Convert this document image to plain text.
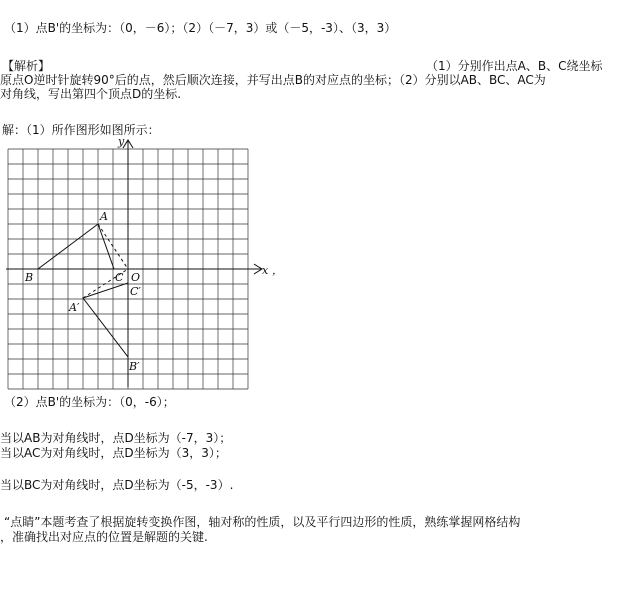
（1）点B'的坐标为：（0，－6）；（2）（－7，3）或（－5，-3）、（3，3）
【解析】	（1）分别作出点A、B、C绕坐标
原点O逆时针旋转90°后的点，然后顺次连接，并写出点B的对应点的坐标；（2）分别以AB、BC、AC为
对角线，写出第四个顶点D的坐标.
解：（1）所作图形如图所示：
y
x ，
A
B	C O
A′
C′
B′
（2）点B'的坐标为：（0，-6）；
当以AB为对角线时，点D坐标为（-7，3）；
当以AC为对角线时，点D坐标为（3，3）；
当以BC为对角线时，点D坐标为（-5，-3）.
“点睛”本题考查了根据旋转变换作图，轴对称的性质，以及平行四边形的性质，熟练掌握网格结构
，准确找出对应点的位置是解题的关键.
